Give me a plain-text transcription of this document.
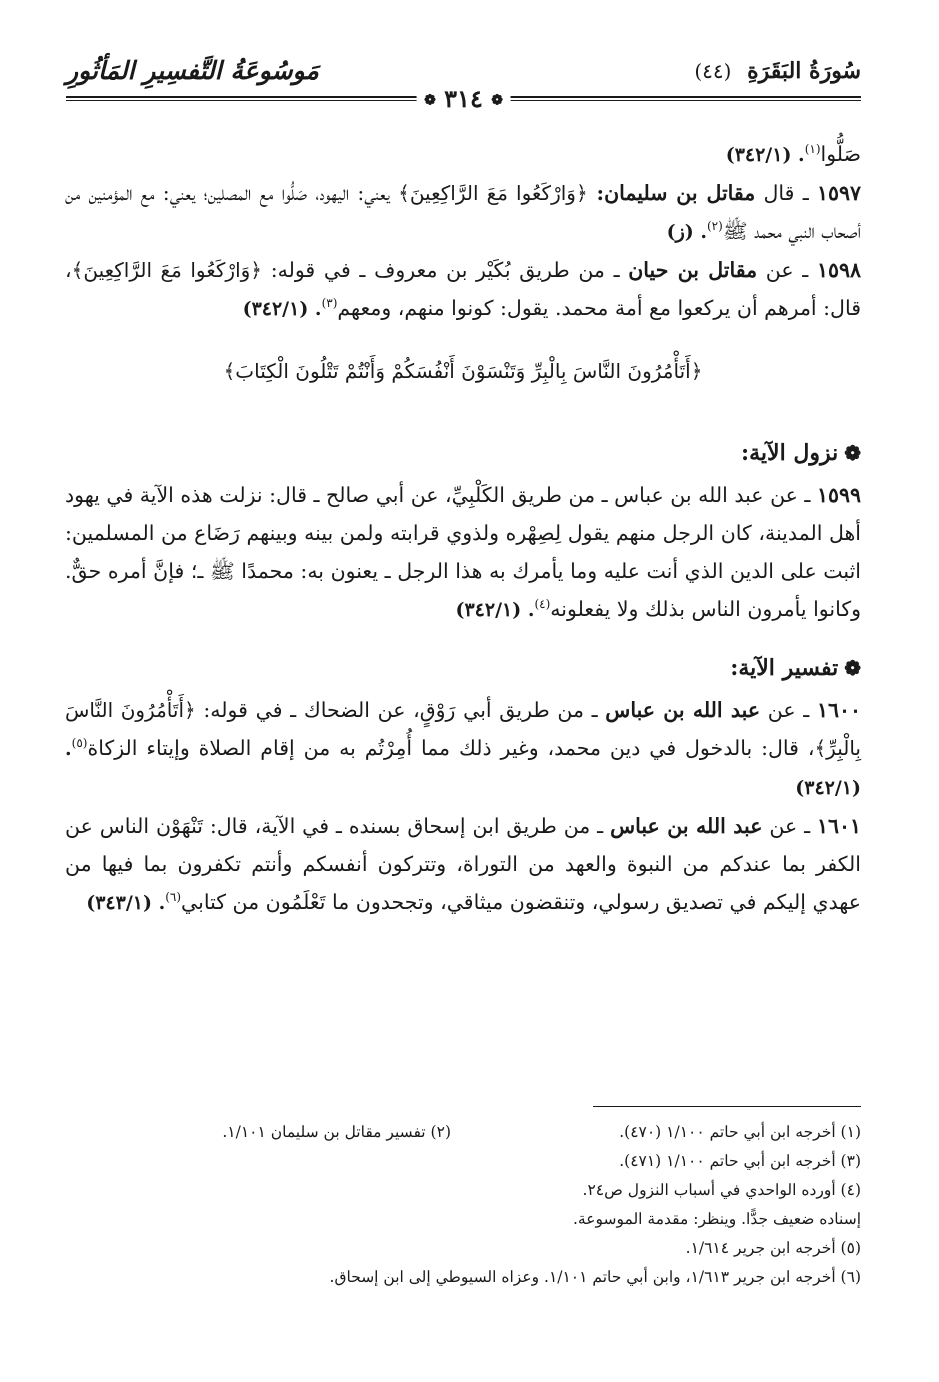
سُورَةُ البَقَرَةِ (٤٤)
مَوسُوعَةُ التَّفسِيرِ المَأثُورِ
❁ ٣١٤ ❁

صَلُّوا$^{(١)}$. (٣٤٢/١)

١٥٩٧ ـ قال مقاتل بن سليمان: ﴿وَارْكَعُوا مَعَ الرَّاكِعِينَ﴾ يعني: اليهود، صَلُّوا مع المصلين؛ يعني: مع المؤمنين من أصحاب النبي محمد ﷺ$^{(٢)}$. (ز)

١٥٩٨ ـ عن مقاتل بن حيان ـ من طريق بُكَيْر بن معروف ـ في قوله: ﴿وَارْكَعُوا مَعَ الرَّاكِعِينَ﴾، قال: أمرهم أن يركعوا مع أمة محمد. يقول: كونوا منهم، ومعهم$^{(٣)}$. (٣٤٢/١)

﴿أَتَأْمُرُونَ النَّاسَ بِالْبِرِّ وَتَنْسَوْنَ أَنْفُسَكُمْ وَأَنْتُمْ تَتْلُونَ الْكِتَابَ﴾
❁نزول الآية:

١٥٩٩ ـ عن عبد الله بن عباس ـ من طريق الكَلْبِيِّ، عن أبي صالح ـ قال: نزلت هذه الآية في يهود أهل المدينة، كان الرجل منهم يقول لِصِهْره ولذوي قرابته ولمن بينه وبينهم رَضَاع من المسلمين: اثبت على الدين الذي أنت عليه وما يأمرك به هذا الرجل ـ يعنون به: محمدًا ﷺ ـ؛ فإنَّ أمره حقٌّ. وكانوا يأمرون الناس بذلك ولا يفعلونه$^{(٤)}$. (٣٤٢/١)

❁تفسير الآية:

١٦٠٠ ـ عن عبد الله بن عباس ـ من طريق أبي رَوْقٍ، عن الضحاك ـ في قوله: ﴿أَتَأْمُرُونَ النَّاسَ بِالْبِرِّ﴾، قال: بالدخول في دين محمد، وغير ذلك مما أُمِرْتُم به من إقام الصلاة وإيتاء الزكاة$^{(٥)}$. (٣٤٢/١)

١٦٠١ ـ عن عبد الله بن عباس ـ من طريق ابن إسحاق بسنده ـ في الآية، قال: تَنْهَوْن الناس عن الكفر بما عندكم من النبوة والعهد من التوراة، وتتركون أنفسكم وأنتم تكفرون بما فيها من عهدي إليكم في تصديق رسولي، وتنقضون ميثاقي، وتجحدون ما تَعْلَمُون من كتابي$^{(٦)}$. (٣٤٣/١)

(١) أخرجه ابن أبي حاتم ١/١٠٠ (٤٧٠).
(٢) تفسير مقاتل بن سليمان ١/١٠١.
(٣) أخرجه ابن أبي حاتم ١/١٠٠ (٤٧١).
(٤) أورده الواحدي في أسباب النزول ص٢٤.
إسناده ضعيف جدًّا. وينظر: مقدمة الموسوعة.
(٥) أخرجه ابن جرير ١/٦١٤.
(٦) أخرجه ابن جرير ١/٦١٣، وابن أبي حاتم ١/١٠١. وعزاه السيوطي إلى ابن إسحاق.
